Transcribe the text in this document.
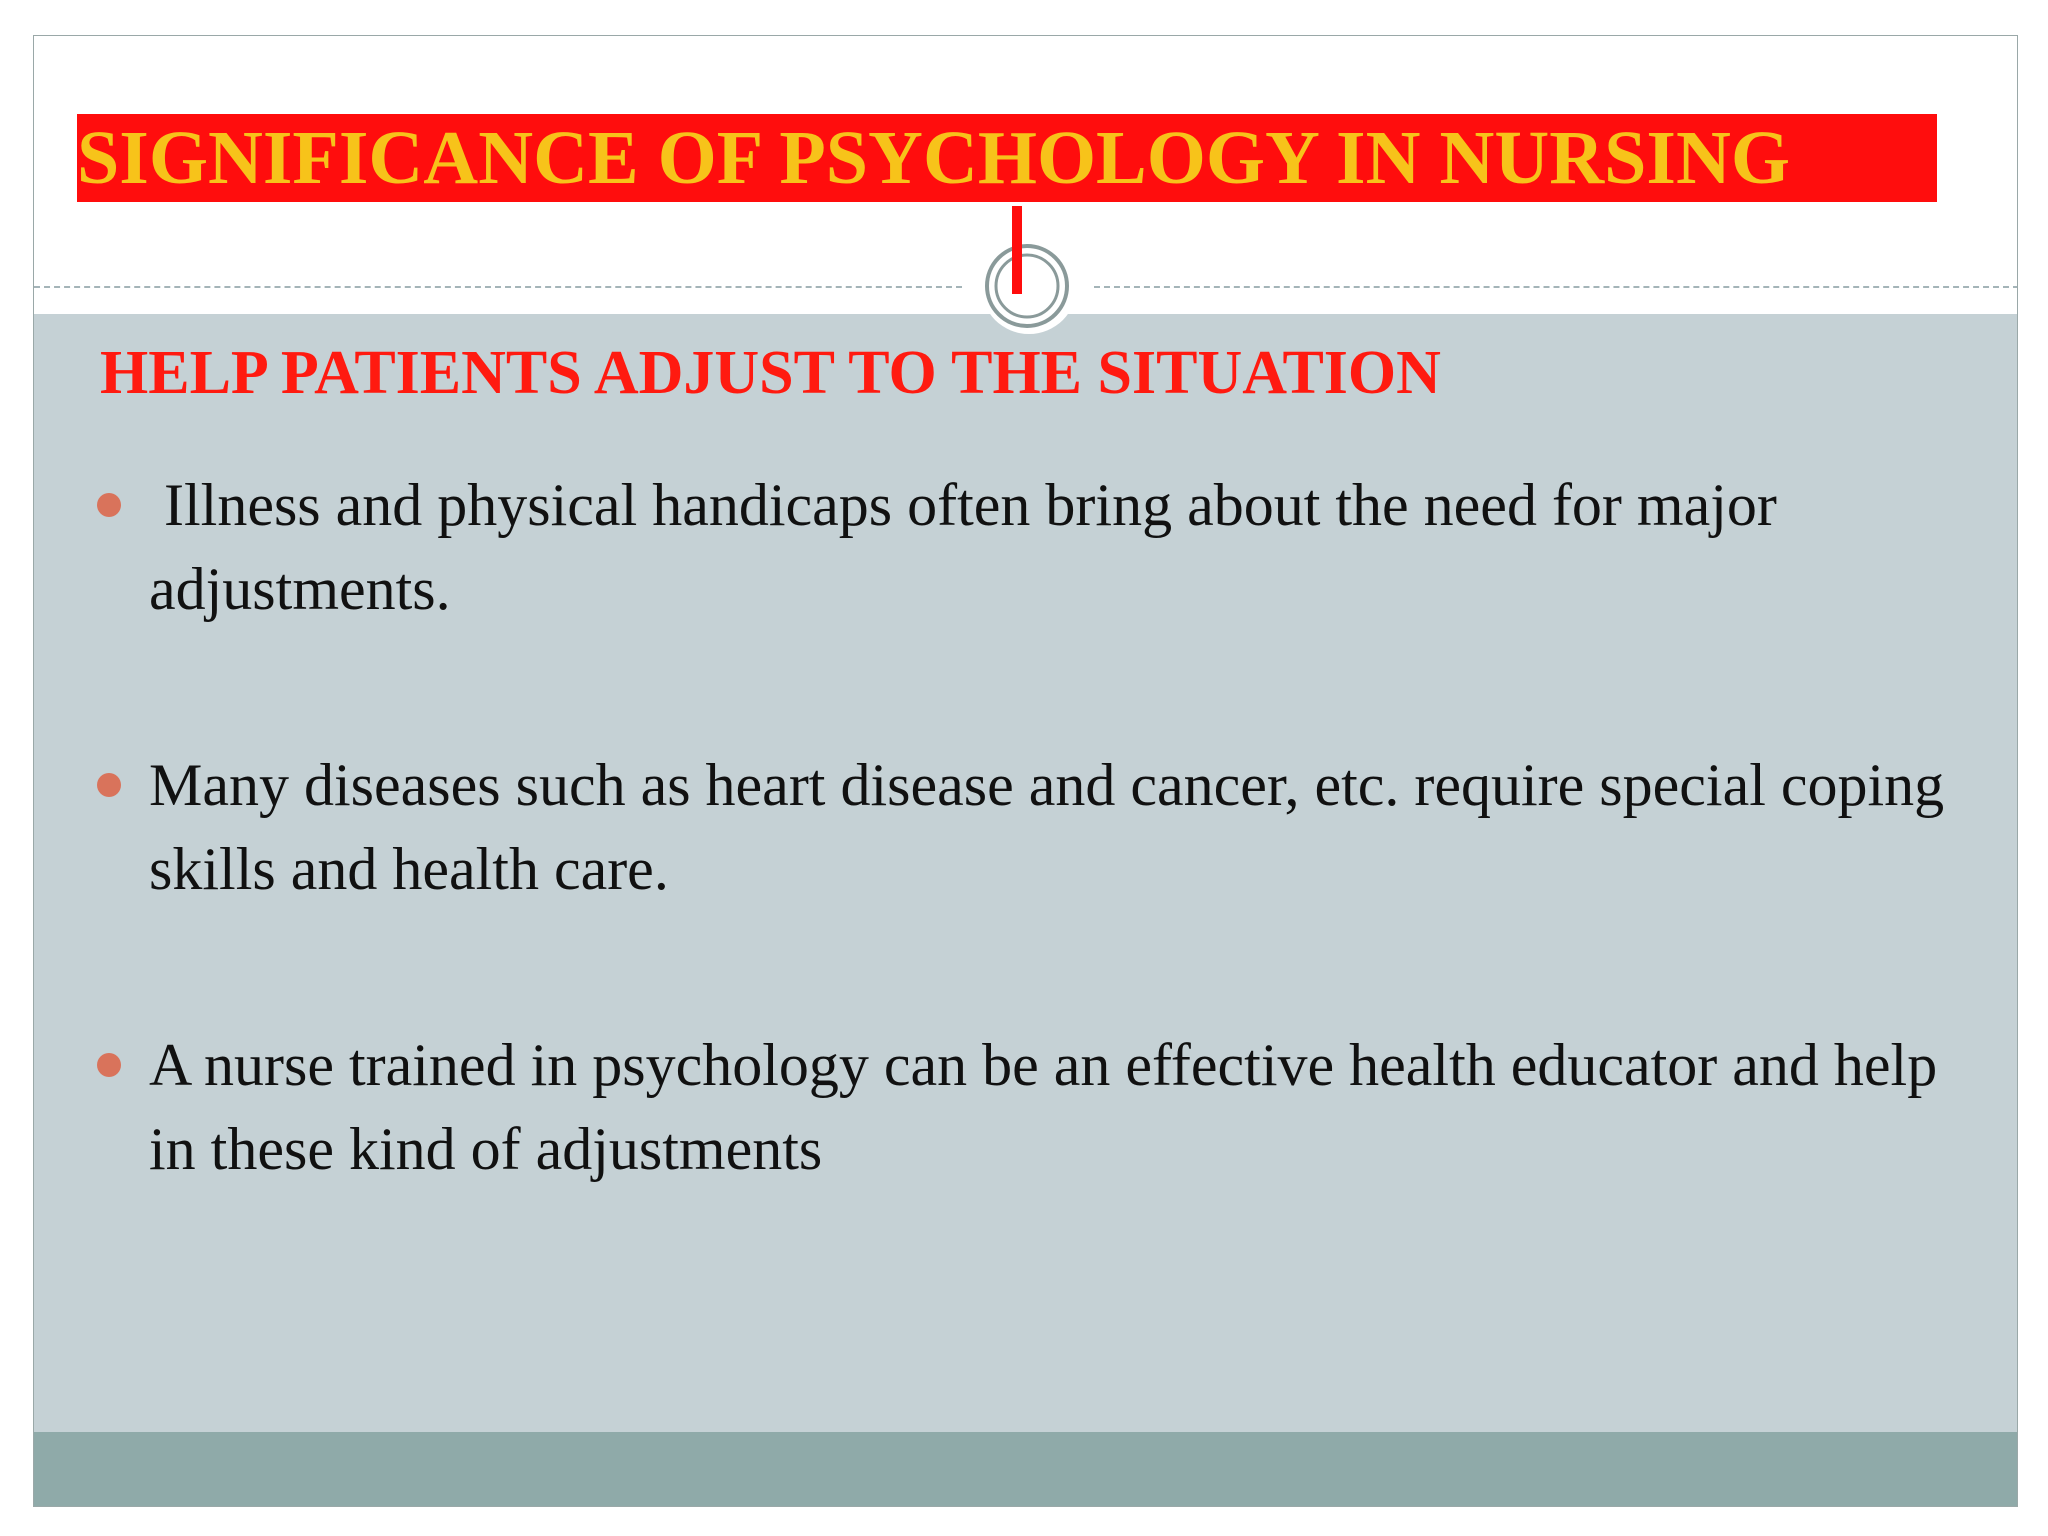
SIGNIFICANCE OF PSYCHOLOGY IN NURSING
HELP PATIENTS ADJUST TO THE SITUATION
Illness and physical handicaps often bring about the need for major adjustments.
Many diseases such as heart disease and cancer, etc. require special coping skills and health care.
A nurse trained in psychology can be an effective health educator and help in these kind of adjustments
